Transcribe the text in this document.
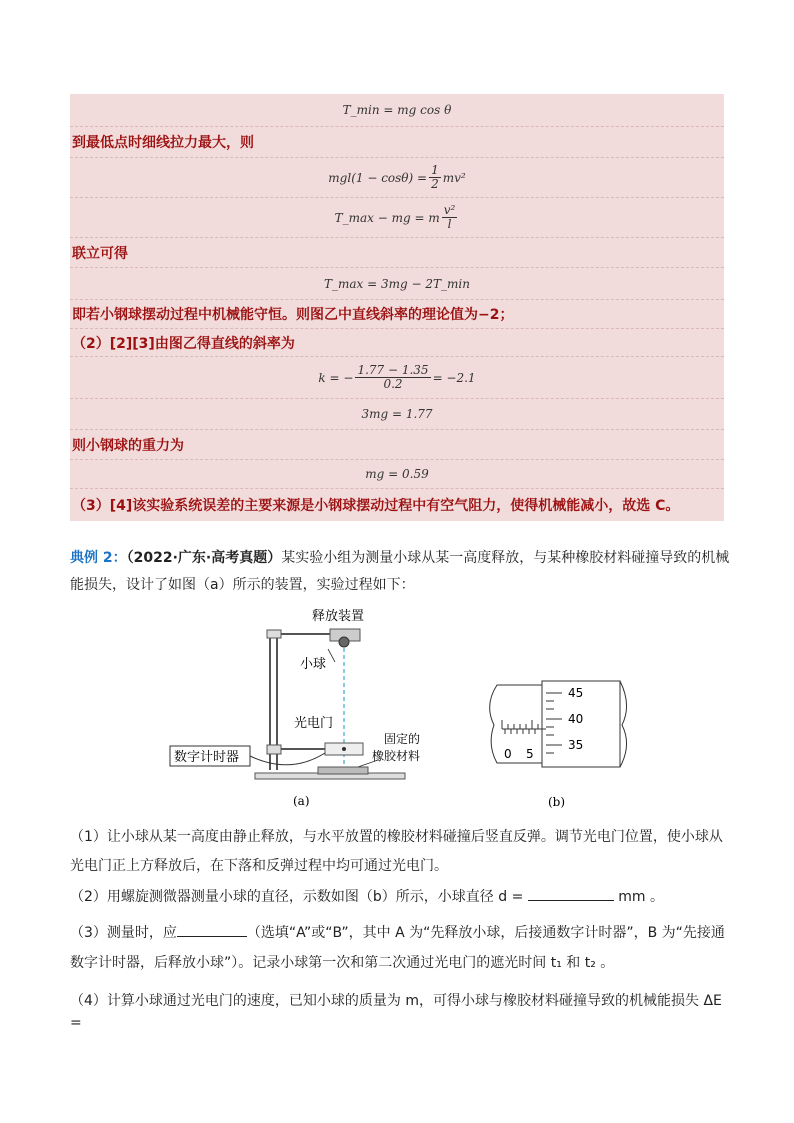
T_min = mg cos θ
到最低点时细线拉力最大，则
$mgl(1 - \cos\theta) = \frac{1}{2} mv^2$
T_max − mg = m $\frac{\text{v²}}{l}$
联立可得
T_max = 3mg − 2T_min
即若小钢球摆动过程中机械能守恒。则图乙中直线斜率的理论值为−2；
（2）[2][3]由图乙得直线的斜率为
k = − $\frac{1.77 - 1.35}{0.2} = -2.1$
3mg = 1.77
则小钢球的重力为
mg = 0.59
（3）[4]该实验系统误差的主要来源是小钢球摆动过程中有空气阻力，使得机械能减小，故选 C。
典例 2：（2022·广东·高考真题）某实验小组为测量小球从某一高度释放，与某种橡胶材料碰撞导致的机械
能损失，设计了如图（a）所示的装置，实验过程如下：
释放装置
小球
光电门
数字计时器
固定的
橡胶材料
(a)
45
40
35
0 5
(b)
（1）让小球从某一高度由静止释放，与水平放置的橡胶材料碰撞后竖直反弹。调节光电门位置，使小球从
光电门正上方释放后，在下落和反弹过程中均可通过光电门。
（2）用螺旋测微器测量小球的直径，示数如图（b）所示，小球直径 d =	mm 。
（3）测量时，应	（选填“A”或“B”，其中 A 为“先释放小球，后接通数字计时器”，B 为“先接通
数字计时器，后释放小球”）。记录小球第一次和第二次通过光电门的遮光时间 t₁ 和 t₂ 。
（4）计算小球通过光电门的速度，已知小球的质量为 m，可得小球与橡胶材料碰撞导致的机械能损失 ΔE =
